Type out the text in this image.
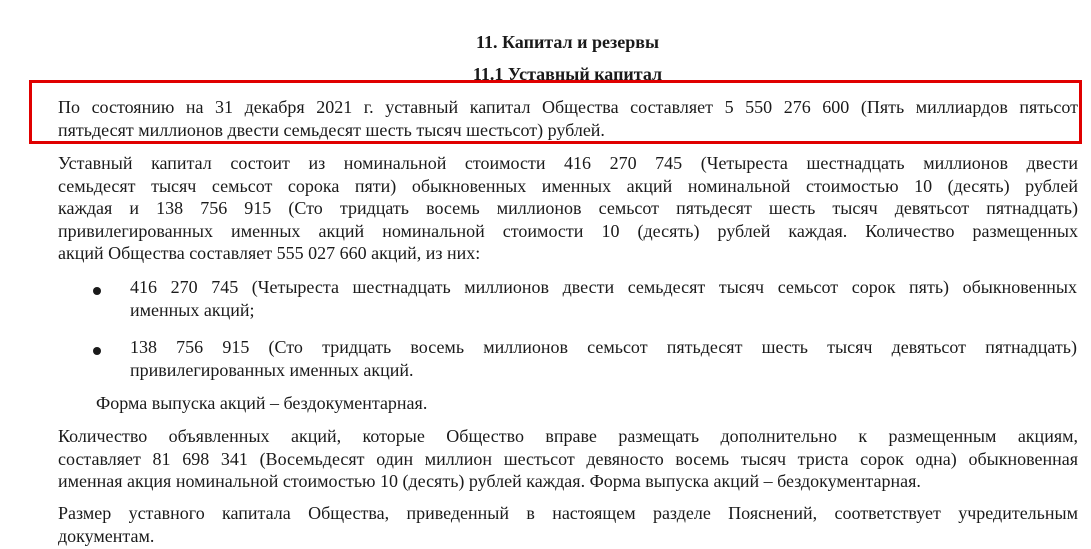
11. Капитал и резервы
11.1 Уставный капитал

По состоянию на 31 декабря 2021 г. уставный капитал Общества составляет 5 550 276 600 (Пять миллиардов пятьсот
пятьдесят миллионов двести семьдесят шесть тысяч шестьсот) рублей.

Уставный капитал состоит из номинальной стоимости 416 270 745 (Четыреста шестнадцать миллионов двести
семьдесят тысяч семьсот сорока пяти) обыкновенных именных акций номинальной стоимостью 10 (десять) рублей
каждая и 138 756 915 (Сто тридцать восемь миллионов семьсот пятьдесят шесть тысяч девятьсот пятнадцать)
привилегированных именных акций номинальной стоимости 10 (десять) рублей каждая. Количество размещенных
акций Общества составляет 555 027 660 акций, из них:

416 270 745 (Четыреста шестнадцать миллионов двести семьдесят тысяч семьсот сорок пять) обыкновенных
именных акций;

138 756 915 (Сто тридцать восемь миллионов семьсот пятьдесят шесть тысяч девятьсот пятнадцать)
привилегированных именных акций.

Форма выпуска акций – бездокументарная.

Количество объявленных акций, которые Общество вправе размещать дополнительно к размещенным акциям,
составляет 81 698 341 (Восемьдесят один миллион шестьсот девяносто восемь тысяч триста сорок одна) обыкновенная
именная акция номинальной стоимостью 10 (десять) рублей каждая. Форма выпуска акций – бездокументарная.

Размер уставного капитала Общества, приведенный в настоящем разделе Пояснений, соответствует учредительным
документам.
